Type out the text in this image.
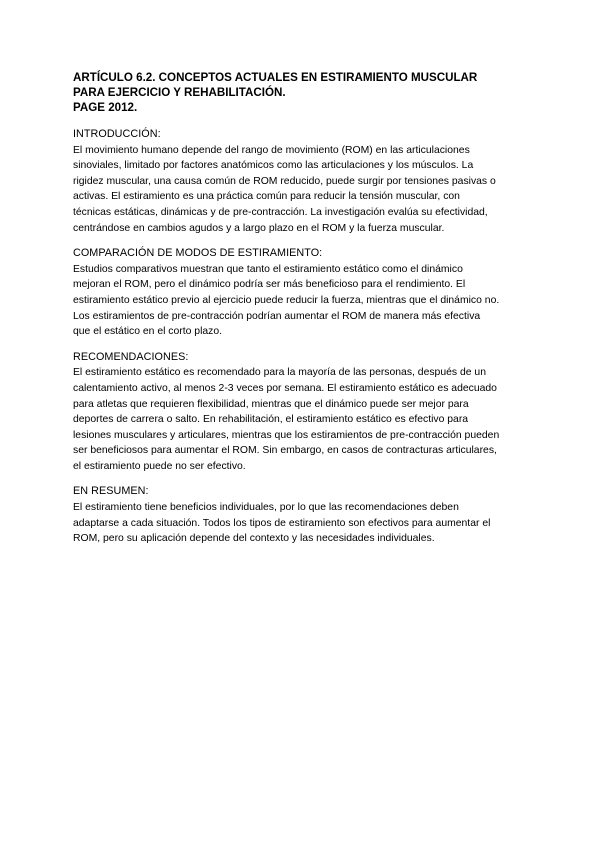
ARTÍCULO 6.2. CONCEPTOS ACTUALES EN ESTIRAMIENTO MUSCULAR
PARA EJERCICIO Y REHABILITACIÓN.
PAGE 2012.

INTRODUCCIÓN:

El movimiento humano depende del rango de movimiento (ROM) en las articulaciones
sinoviales, limitado por factores anatómicos como las articulaciones y los músculos. La
rigidez muscular, una causa común de ROM reducido, puede surgir por tensiones pasivas o
activas. El estiramiento es una práctica común para reducir la tensión muscular, con
técnicas estáticas, dinámicas y de pre-contracción. La investigación evalúa su efectividad,
centrándose en cambios agudos y a largo plazo en el ROM y la fuerza muscular.

COMPARACIÓN DE MODOS DE ESTIRAMIENTO:

Estudios comparativos muestran que tanto el estiramiento estático como el dinámico
mejoran el ROM, pero el dinámico podría ser más beneficioso para el rendimiento. El
estiramiento estático previo al ejercicio puede reducir la fuerza, mientras que el dinámico no.
Los estiramientos de pre-contracción podrían aumentar el ROM de manera más efectiva
que el estático en el corto plazo.

RECOMENDACIONES:

El estiramiento estático es recomendado para la mayoría de las personas, después de un
calentamiento activo, al menos 2-3 veces por semana. El estiramiento estático es adecuado
para atletas que requieren flexibilidad, mientras que el dinámico puede ser mejor para
deportes de carrera o salto. En rehabilitación, el estiramiento estático es efectivo para
lesiones musculares y articulares, mientras que los estiramientos de pre-contracción pueden
ser beneficiosos para aumentar el ROM. Sin embargo, en casos de contracturas articulares,
el estiramiento puede no ser efectivo.

EN RESUMEN:

El estiramiento tiene beneficios individuales, por lo que las recomendaciones deben
adaptarse a cada situación. Todos los tipos de estiramiento son efectivos para aumentar el
ROM, pero su aplicación depende del contexto y las necesidades individuales.
